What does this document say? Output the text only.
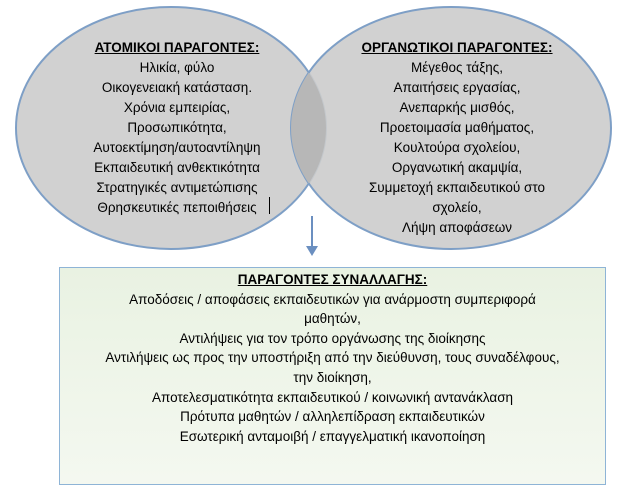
ΑΤΟΜΙΚΟΙ ΠΑΡΑΓΟΝΤΕΣ:
Ηλικία, φύλο
Οικογενειακή κατάσταση.
Χρόνια εμπειρίας,
Προσωπικότητα,
Αυτοεκτίμηση/αυτοαντίληψη
Εκπαιδευτική ανθεκτικότητα
Στρατηγικές αντιμετώπισης
Θρησκευτικές πεποιθήσεις
ΟΡΓΑΝΩΤΙΚΟΙ ΠΑΡΑΓΟΝΤΕΣ:
Μέγεθος τάξης,
Απαιτήσεις εργασίας,
Ανεπαρκής μισθός,
Προετοιμασία μαθήματος,
Κουλτούρα σχολείου,
Οργανωτική ακαμψία,
Συμμετοχή εκπαιδευτικού στο
σχολείο,
Λήψη αποφάσεων
ΠΑΡΑΓΟΝΤΕΣ ΣΥΝΑΛΛΑΓΗΣ:
Αποδόσεις / αποφάσεις εκπαιδευτικών για ανάρμοστη συμπεριφορά
μαθητών,
Αντιλήψεις για τον τρόπο οργάνωσης της διοίκησης
Αντιλήψεις ως προς την υποστήριξη από την διεύθυνση, τους συναδέλφους,
την διοίκηση,
Αποτελεσματικότητα εκπαιδευτικού / κοινωνική αντανάκλαση
Πρότυπα μαθητών / αλληλεπίδραση εκπαιδευτικών
Εσωτερική ανταμοιβή / επαγγελματική ικανοποίηση
